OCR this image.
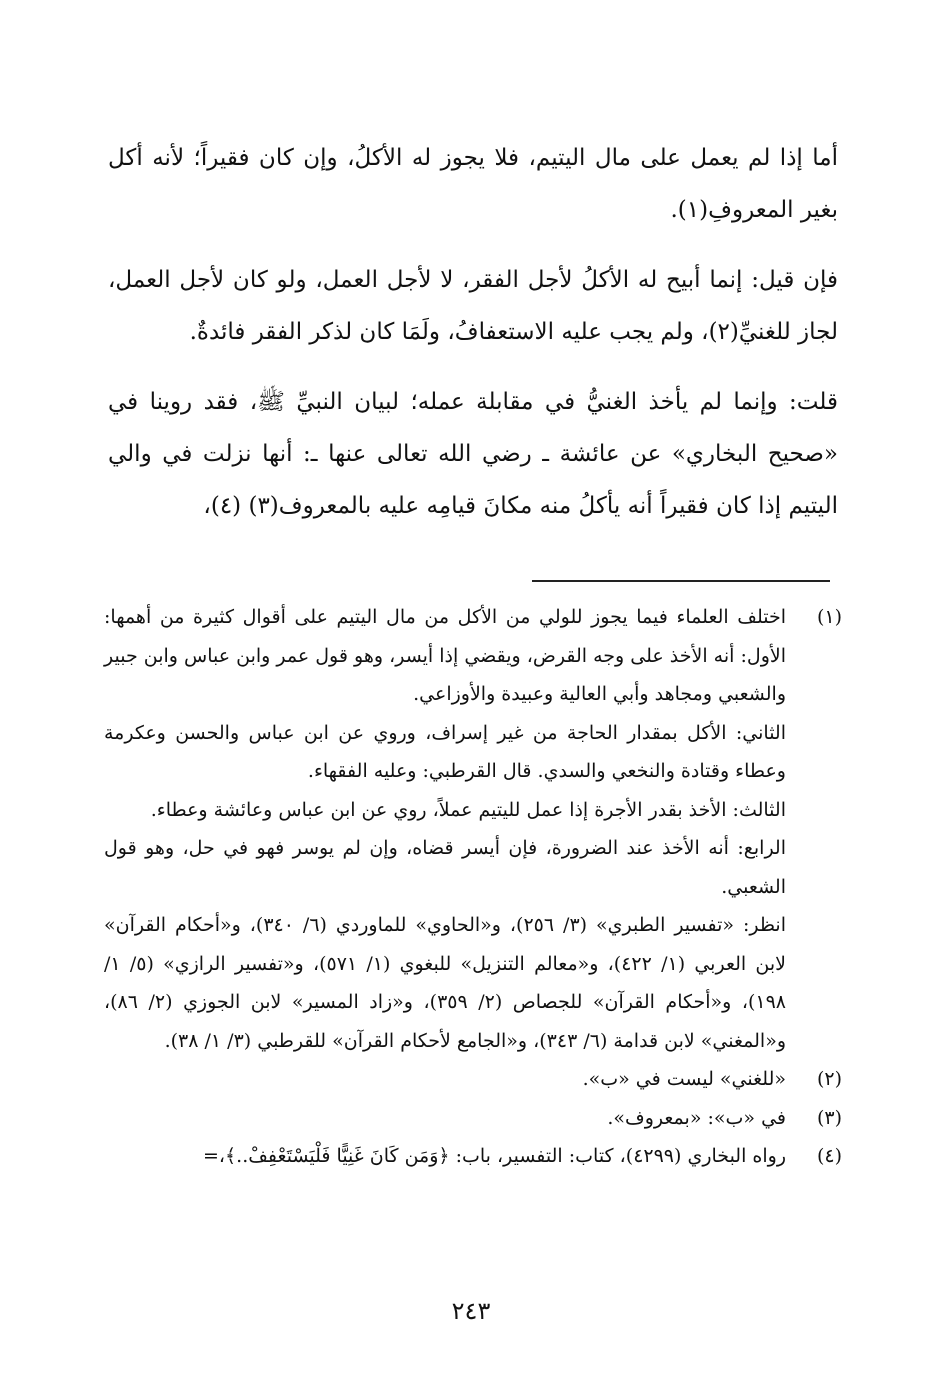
أما إذا لم يعمل على مال اليتيم، فلا يجوز له الأكلُ، وإن كان فقيراً؛ لأنه أكل بغير المعروفِ(١).

فإن قيل: إنما أبيح له الأكلُ لأجل الفقر، لا لأجل العمل، ولو كان لأجل العمل، لجاز للغنيِّ(٢)، ولم يجب عليه الاستعفافُ، ولَمَا كان لذكر الفقر فائدةٌ.

قلت: وإنما لم يأخذ الغنيُّ في مقابلة عمله؛ لبيان النبيِّ ﷺ، فقد روينا في «صحيح البخاري» عن عائشة ـ رضي الله تعالى عنها ـ: أنها نزلت في والي اليتيم إذا كان فقيراً أنه يأكلُ منه مكانَ قيامِه عليه بالمعروف(٣) (٤)،

(١)
اختلف العلماء فيما يجوز للولي من الأكل من مال اليتيم على أقوال كثيرة من أهمها: الأول: أنه الأخذ على وجه القرض، ويقضي إذا أيسر، وهو قول عمر وابن عباس وابن جبير والشعبي ومجاهد وأبي العالية وعبيدة والأوزاعي.
الثاني: الأكل بمقدار الحاجة من غير إسراف، وروي عن ابن عباس والحسن وعكرمة وعطاء وقتادة والنخعي والسدي. قال القرطبي: وعليه الفقهاء.
الثالث: الأخذ بقدر الأجرة إذا عمل لليتيم عملاً، روي عن ابن عباس وعائشة وعطاء.
الرابع: أنه الأخذ عند الضرورة، فإن أيسر قضاه، وإن لم يوسر فهو في حل، وهو قول الشعبي.
انظر: «تفسير الطبري» (٣/ ٢٥٦)، و«الحاوي» للماوردي (٦/ ٣٤٠)، و«أحكام القرآن» لابن العربي (١/ ٤٢٢)، و«معالم التنزيل» للبغوي (١/ ٥٧١)، و«تفسير الرازي» (٥/ ١/ ١٩٨)، و«أحكام القرآن» للجصاص (٢/ ٣٥٩)، و«زاد المسير» لابن الجوزي (٢/ ٨٦)، و«المغني» لابن قدامة (٦/ ٣٤٣)، و«الجامع لأحكام القرآن» للقرطبي (٣/ ١/ ٣٨).
(٢)
«للغني» ليست في «ب».
(٣)
في «ب»: «بمعروف».
(٤)
رواه البخاري (٤٢٩٩)، كتاب: التفسير، باب: ﴿وَمَن كَانَ غَنِيًّا فَلْيَسْتَعْفِفْ..﴾،=
٢٤٣
